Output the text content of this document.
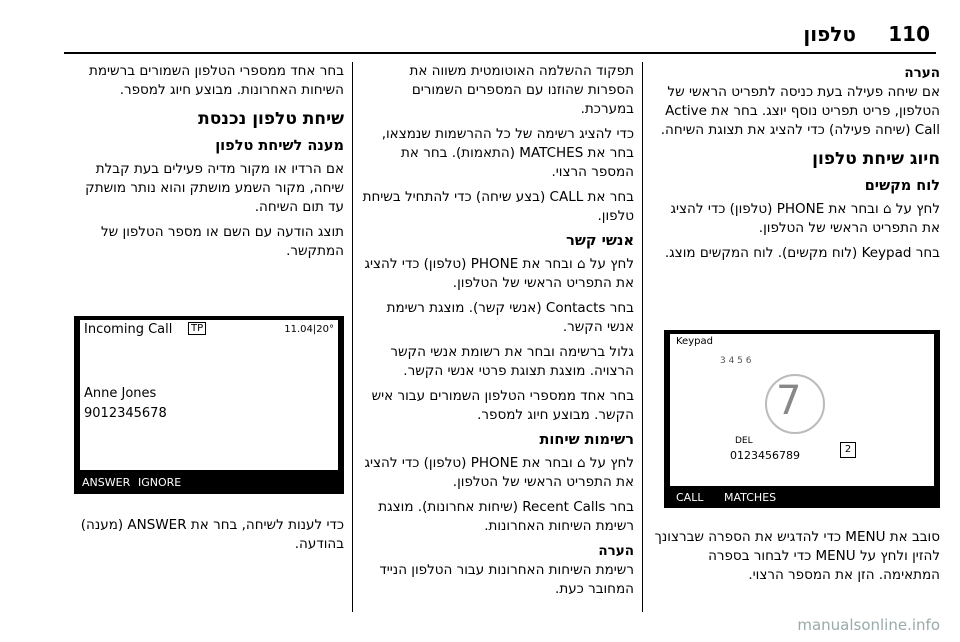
110
טלפון
הערה

אם שיחה פעילה בעת כניסה לתפריט הראשי של הטלפון, פריט תפריט נוסף יוצג. בחר את Active Call (שיחה פעילה) כדי להציג את תצוגת השיחה.

חיוג שיחת טלפון
לוח מקשים

לחץ על ⌂ ובחר את PHONE (טלפון) כדי להציג את התפריט הראשי של הטלפון.

בחר Keypad (לוח מקשים). לוח המקשים מוצג.

סובב את MENU כדי להדגיש את הספרה שברצונך להזין ולחץ על MENU כדי לבחור בספרה המתאימה. הזן את המספר הרצוי.

Keypad
3 4 5 6
7
DEL
0123456789	2
CALL MATCHES

תפקוד ההשלמה האוטומטית משווה את הספרות שהוזנו עם המספרים השמורים במערכת.

כדי להציג רשימה של כל ההרשמות שנמצאו, בחר את MATCHES (התאמות). בחר את המספר הרצוי.

בחר את CALL (בצע שיחה) כדי להתחיל בשיחת טלפון.

אנשי קשר

לחץ על ⌂ ובחר את PHONE (טלפון) כדי להציג את התפריט הראשי של הטלפון.

בחר Contacts (אנשי קשר). מוצגת רשימת אנשי הקשר.

גלול ברשימה ובחר את רשומת אנשי הקשר הרצויה. מוצגת תצוגת פרטי אנשי הקשר.

בחר אחד ממספרי הטלפון השמורים עבור איש הקשר. מבוצע חיוג למספר.

רשימות שיחות

לחץ על ⌂ ובחר את PHONE (טלפון) כדי להציג את התפריט הראשי של הטלפון.

בחר Recent Calls (שיחות אחרונות). מוצגת רשימת השיחות האחרונות.

הערה

רשימת השיחות האחרונות עבור הטלפון הנייד המחובר כעת.

בחר אחד ממספרי הטלפון השמורים ברשימת השיחות האחרונות. מבוצע חיוג למספר.

שיחת טלפון נכנסת
מענה לשיחת טלפון

אם הרדיו או מקור מדיה פעילים בעת קבלת שיחה, מקור השמע מושתק והוא נותר מושתק עד תום השיחה.

תוצג הודעה עם השם או מספר הטלפון של המתקשר.

Incoming Call	TP	11.04|20°
Anne Jones
9012345678
ANSWER IGNORE

כדי לענות לשיחה, בחר את ANSWER (מענה) בהודעה.

manualsonline.info
